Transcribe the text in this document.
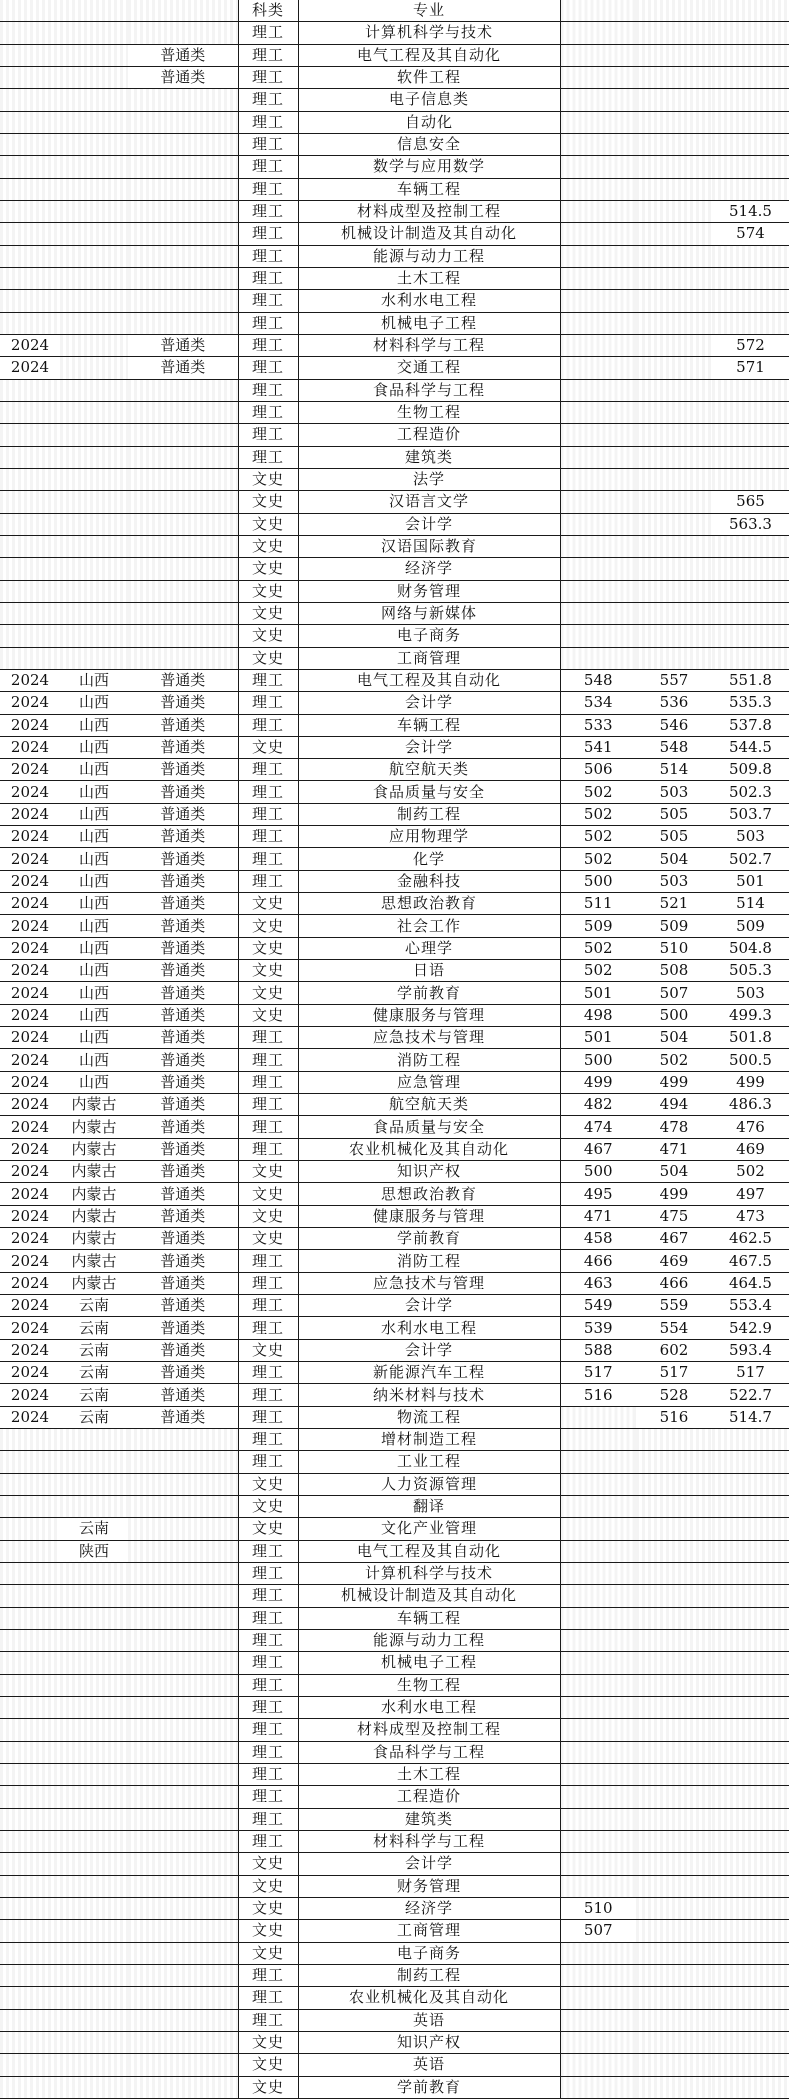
			科类	专业			
			理工	计算机科学与技术			
		普通类	理工	电气工程及其自动化			
		普通类	理工	软件工程			
			理工	电子信息类			
			理工	自动化			
			理工	信息安全			
			理工	数学与应用数学			
			理工	车辆工程			
			理工	材料成型及控制工程			514.5
			理工	机械设计制造及其自动化			574
			理工	能源与动力工程			
			理工	土木工程			
			理工	水利水电工程			
			理工	机械电子工程			
2024		普通类	理工	材料科学与工程			572
2024		普通类	理工	交通工程			571
			理工	食品科学与工程			
			理工	生物工程			
			理工	工程造价			
			理工	建筑类			
			文史	法学			
			文史	汉语言文学			565
			文史	会计学			563.3
			文史	汉语国际教育			
			文史	经济学			
			文史	财务管理			
			文史	网络与新媒体			
			文史	电子商务			
			文史	工商管理			
2024	山西	普通类	理工	电气工程及其自动化	548	557	551.8
2024	山西	普通类	理工	会计学	534	536	535.3
2024	山西	普通类	理工	车辆工程	533	546	537.8
2024	山西	普通类	文史	会计学	541	548	544.5
2024	山西	普通类	理工	航空航天类	506	514	509.8
2024	山西	普通类	理工	食品质量与安全	502	503	502.3
2024	山西	普通类	理工	制药工程	502	505	503.7
2024	山西	普通类	理工	应用物理学	502	505	503
2024	山西	普通类	理工	化学	502	504	502.7
2024	山西	普通类	理工	金融科技	500	503	501
2024	山西	普通类	文史	思想政治教育	511	521	514
2024	山西	普通类	文史	社会工作	509	509	509
2024	山西	普通类	文史	心理学	502	510	504.8
2024	山西	普通类	文史	日语	502	508	505.3
2024	山西	普通类	文史	学前教育	501	507	503
2024	山西	普通类	文史	健康服务与管理	498	500	499.3
2024	山西	普通类	理工	应急技术与管理	501	504	501.8
2024	山西	普通类	理工	消防工程	500	502	500.5
2024	山西	普通类	理工	应急管理	499	499	499
2024	内蒙古	普通类	理工	航空航天类	482	494	486.3
2024	内蒙古	普通类	理工	食品质量与安全	474	478	476
2024	内蒙古	普通类	理工	农业机械化及其自动化	467	471	469
2024	内蒙古	普通类	文史	知识产权	500	504	502
2024	内蒙古	普通类	文史	思想政治教育	495	499	497
2024	内蒙古	普通类	文史	健康服务与管理	471	475	473
2024	内蒙古	普通类	文史	学前教育	458	467	462.5
2024	内蒙古	普通类	理工	消防工程	466	469	467.5
2024	内蒙古	普通类	理工	应急技术与管理	463	466	464.5
2024	云南	普通类	理工	会计学	549	559	553.4
2024	云南	普通类	理工	水利水电工程	539	554	542.9
2024	云南	普通类	文史	会计学	588	602	593.4
2024	云南	普通类	理工	新能源汽车工程	517	517	517
2024	云南	普通类	理工	纳米材料与技术	516	528	522.7
2024	云南	普通类	理工	物流工程		516	514.7
			理工	增材制造工程			
			理工	工业工程			
			文史	人力资源管理			
			文史	翻译			
	云南		文史	文化产业管理			
	陕西		理工	电气工程及其自动化			
			理工	计算机科学与技术			
			理工	机械设计制造及其自动化			
			理工	车辆工程			
			理工	能源与动力工程			
			理工	机械电子工程			
			理工	生物工程			
			理工	水利水电工程			
			理工	材料成型及控制工程			
			理工	食品科学与工程			
			理工	土木工程			
			理工	工程造价			
			理工	建筑类			
			理工	材料科学与工程			
			文史	会计学			
			文史	财务管理			
			文史	经济学	510		
			文史	工商管理	507		
			文史	电子商务			
			理工	制药工程			
			理工	农业机械化及其自动化			
			理工	英语			
			文史	知识产权			
			文史	英语			
			文史	学前教育			
